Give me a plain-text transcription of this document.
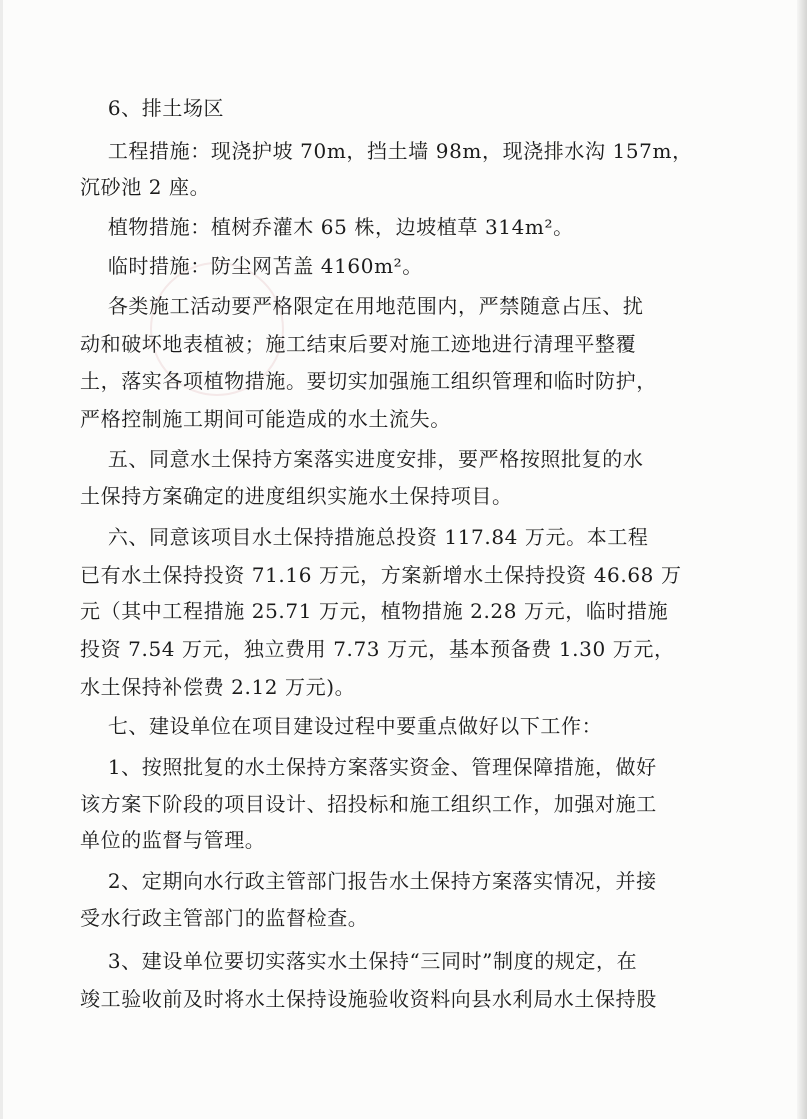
6、排土场区
工程措施：现浇护坡 70m，挡土墙 98m，现浇排水沟 157m，
沉砂池 2 座。
植物措施：植树乔灌木 65 株，边坡植草 314m²。
临时措施：防尘网苫盖 4160m²。
各类施工活动要严格限定在用地范围内，严禁随意占压、扰
动和破坏地表植被；施工结束后要对施工迹地进行清理平整覆
土，落实各项植物措施。要切实加强施工组织管理和临时防护，
严格控制施工期间可能造成的水土流失。
五、同意水土保持方案落实进度安排，要严格按照批复的水
土保持方案确定的进度组织实施水土保持项目。
六、同意该项目水土保持措施总投资 117.84 万元。本工程
已有水土保持投资 71.16 万元，方案新增水土保持投资 46.68 万
元（其中工程措施 25.71 万元，植物措施 2.28 万元，临时措施
投资 7.54 万元，独立费用 7.73 万元，基本预备费 1.30 万元，
水土保持补偿费 2.12 万元)。
七、建设单位在项目建设过程中要重点做好以下工作：
1、按照批复的水土保持方案落实资金、管理保障措施，做好
该方案下阶段的项目设计、招投标和施工组织工作，加强对施工
单位的监督与管理。
2、定期向水行政主管部门报告水土保持方案落实情况，并接
受水行政主管部门的监督检查。
3、建设单位要切实落实水土保持“三同时”制度的规定，在
竣工验收前及时将水土保持设施验收资料向县水利局水土保持股
